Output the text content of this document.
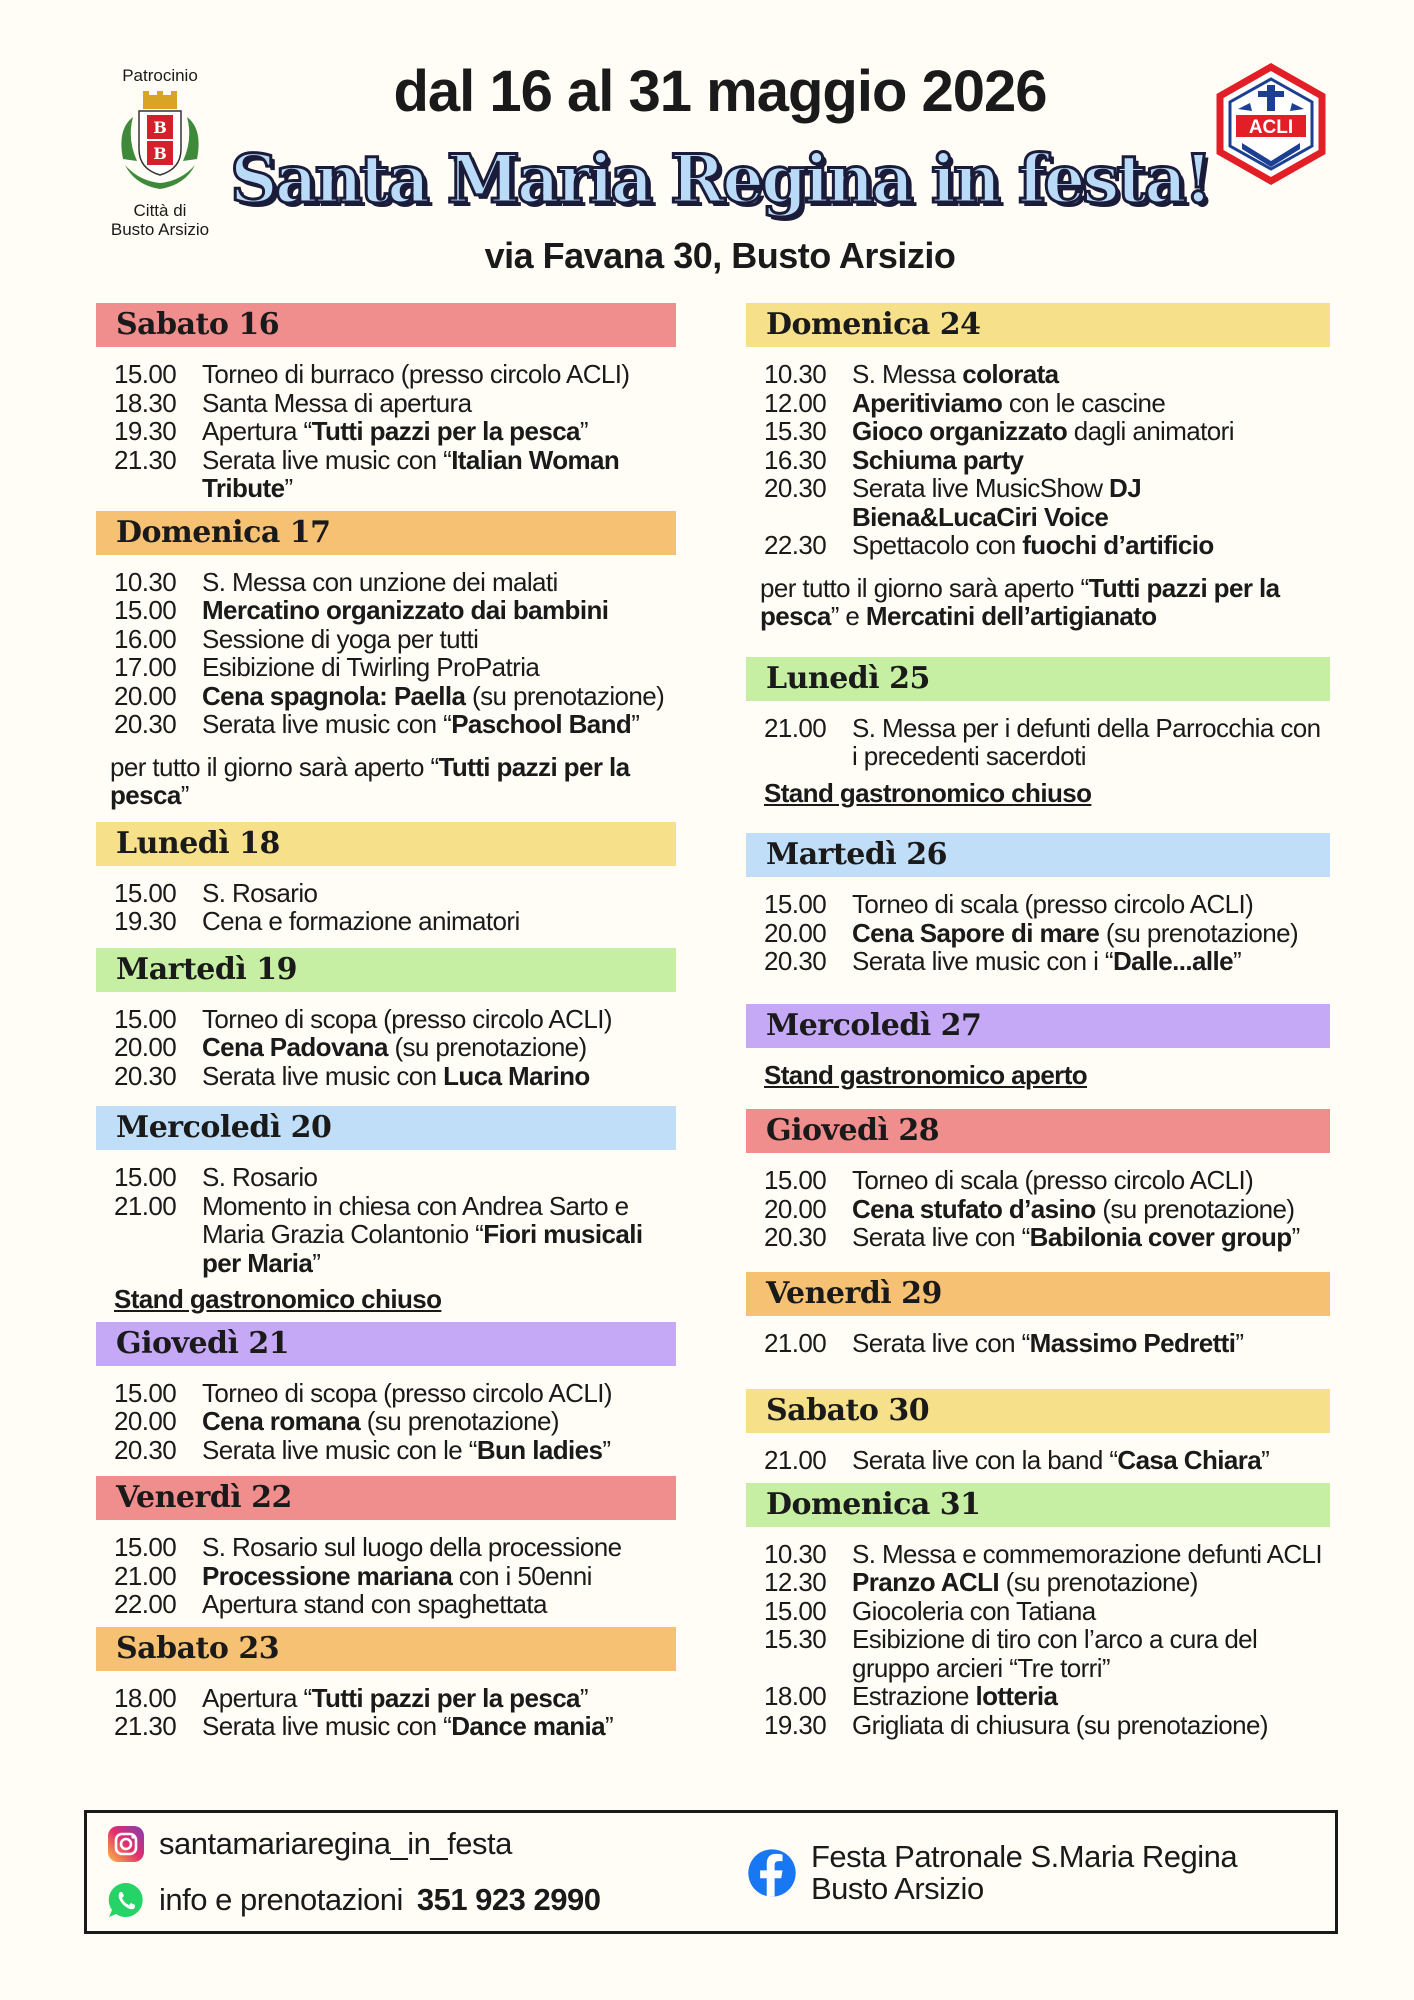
Patrocinio
B
B
Città di
Busto Arsizio
dal 16 al 31 maggio 2026
Santa Maria Regina in festa!
via Favana 30, Busto Arsizio
ACLI
Sabato 16
15.00 Torneo di burraco (presso circolo ACLI)
18.30 Santa Messa di apertura
19.30 Apertura “Tutti pazzi per la pesca”
21.30 Serata live music con “Italian Woman Tribute”
Domenica 17
10.30 S. Messa con unzione dei malati
15.00 Mercatino organizzato dai bambini
16.00 Sessione di yoga per tutti
17.00 Esibizione di Twirling ProPatria
20.00 Cena spagnola: Paella (su prenotazione)
20.30 Serata live music con “Paschool Band”
per tutto il giorno sarà aperto “Tutti pazzi per la pesca”
Lunedì 18
15.00 S. Rosario
19.30 Cena e formazione animatori
Martedì 19
15.00 Torneo di scopa (presso circolo ACLI)
20.00 Cena Padovana (su prenotazione)
20.30 Serata live music con Luca Marino
Mercoledì 20
15.00 S. Rosario
21.00 Momento in chiesa con Andrea Sarto e Maria Grazia Colantonio “Fiori musicali per Maria”
Stand gastronomico chiuso
Giovedì 21
15.00 Torneo di scopa (presso circolo ACLI)
20.00 Cena romana (su prenotazione)
20.30 Serata live music con le “Bun ladies”
Venerdì 22
15.00 S. Rosario sul luogo della processione
21.00 Processione mariana con i 50enni
22.00 Apertura stand con spaghettata
Sabato 23
18.00 Apertura “Tutti pazzi per la pesca”
21.30 Serata live music con “Dance mania”
Domenica 24
10.30 S. Messa colorata
12.00 Aperitiviamo con le cascine
15.30 Gioco organizzato dagli animatori
16.30 Schiuma party
20.30 Serata live MusicShow DJ Biena&LucaCiri Voice
22.30 Spettacolo con fuochi d’artificio
per tutto il giorno sarà aperto “Tutti pazzi per la pesca” e Mercatini dell’artigianato
Lunedì 25
21.00 S. Messa per i defunti della Parrocchia con i precedenti sacerdoti
Stand gastronomico chiuso
Martedì 26
15.00 Torneo di scala (presso circolo ACLI)
20.00 Cena Sapore di mare (su prenotazione)
20.30 Serata live music con i “Dalle...alle”
Mercoledì 27
Stand gastronomico aperto
Giovedì 28
15.00 Torneo di scala (presso circolo ACLI)
20.00 Cena stufato d’asino (su prenotazione)
20.30 Serata live con “Babilonia cover group”
Venerdì 29
21.00 Serata live con “Massimo Pedretti”
Sabato 30
21.00 Serata live con la band “Casa Chiara”
Domenica 31
10.30 S. Messa e commemorazione defunti ACLI
12.30 Pranzo ACLI (su prenotazione)
15.00 Giocoleria con Tatiana
15.30 Esibizione di tiro con l’arco a cura del gruppo arcieri “Tre torri”
18.00 Estrazione lotteria
19.30 Grigliata di chiusura (su prenotazione)
santamariaregina_in_festa
info e prenotazioni 351 923 2990
Festa Patronale S.Maria Regina
Busto Arsizio
